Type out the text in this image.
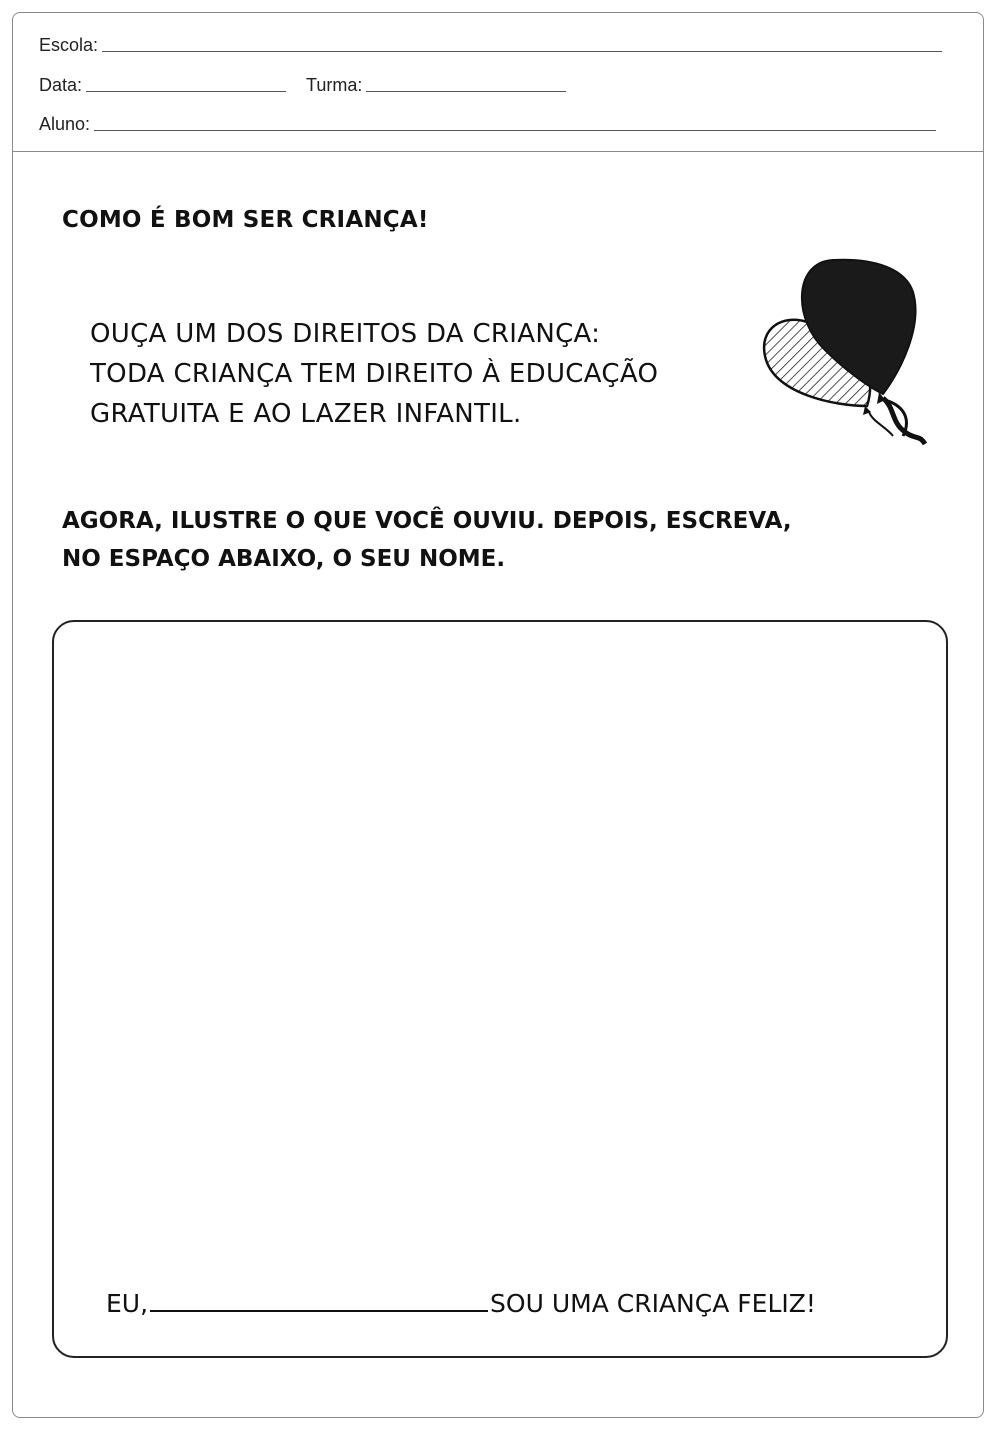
Escola:
Data:	Turma:
Aluno:
COMO É BOM SER CRIANÇA!

OUÇA UM DOS DIREITOS DA CRIANÇA:
TODA CRIANÇA TEM DIREITO À EDUCAÇÃO
GRATUITA E AO LAZER INFANTIL.

AGORA, ILUSTRE O QUE VOCÊ OUVIU. DEPOIS, ESCREVA,
NO ESPAÇO ABAIXO, O SEU NOME.

EU,	SOU UMA CRIANÇA FELIZ!
